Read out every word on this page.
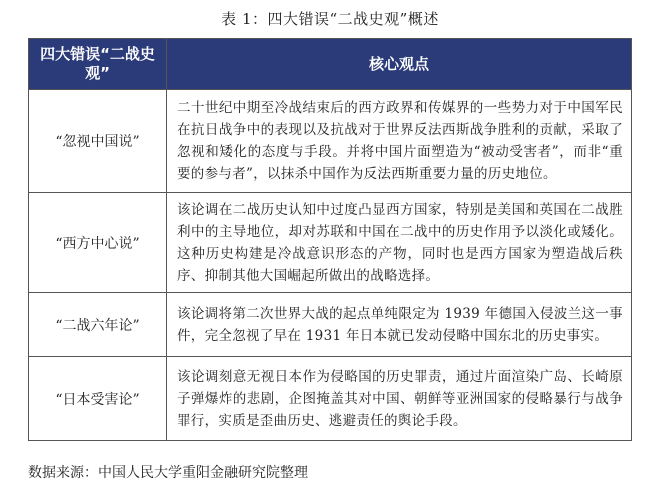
表 1：四大错误“二战史观”概述
四大错误“二战史观”	核心观点
“忽视中国说”	二十世纪中期至冷战结束后的西方政界和传媒界的一些势力对于中国军民在抗日战争中的表现以及抗战对于世界反法西斯战争胜利的贡献，采取了忽视和矮化的态度与手段。并将中国片面塑造为“被动受害者”，而非“重要的参与者”，以抹杀中国作为反法西斯重要力量的历史地位。
“西方中心说”	该论调在二战历史认知中过度凸显西方国家，特别是美国和英国在二战胜利中的主导地位，却对苏联和中国在二战中的历史作用予以淡化或矮化。这种历史构建是冷战意识形态的产物，同时也是西方国家为塑造战后秩序、抑制其他大国崛起所做出的战略选择。
“二战六年论”	该论调将第二次世界大战的起点单纯限定为 1939 年德国入侵波兰这一事件，完全忽视了早在 1931 年日本就已发动侵略中国东北的历史事实。
“日本受害论”	该论调刻意无视日本作为侵略国的历史罪责，通过片面渲染广岛、长崎原子弹爆炸的悲剧，企图掩盖其对中国、朝鲜等亚洲国家的侵略暴行与战争罪行，实质是歪曲历史、逃避责任的舆论手段。
数据来源：中国人民大学重阳金融研究院整理
